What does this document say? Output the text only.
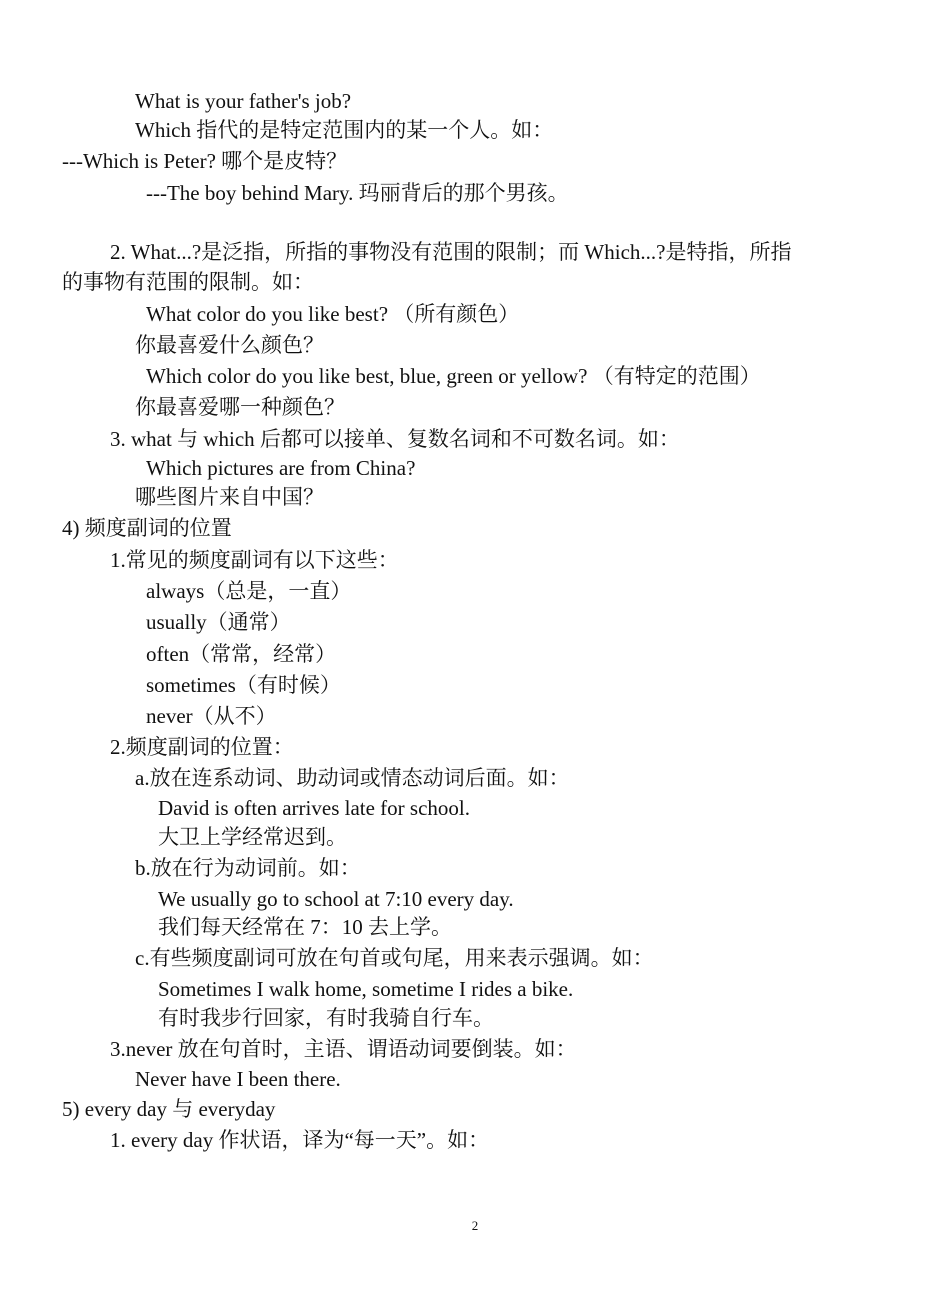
What is your father's job?
Which 指代的是特定范围内的某一个人。如：
---Which is Peter? 哪个是皮特？
---The boy behind Mary. 玛丽背后的那个男孩。
2. What...?是泛指，所指的事物没有范围的限制；而 Which...?是特指，所指
的事物有范围的限制。如：
What color do you like best? （所有颜色）
你最喜爱什么颜色？
Which color do you like best, blue, green or yellow? （有特定的范围）
你最喜爱哪一种颜色？
3. what 与 which 后都可以接单、复数名词和不可数名词。如：
Which pictures are from China?
哪些图片来自中国？
4) 频度副词的位置
1.常见的频度副词有以下这些：
always（总是，一直）
usually（通常）
often（常常，经常）
sometimes（有时候）
never（从不）
2.频度副词的位置：
a.放在连系动词、助动词或情态动词后面。如：
David is often arrives late for school.
大卫上学经常迟到。
b.放在行为动词前。如：
We usually go to school at 7:10 every day.
我们每天经常在 7：10 去上学。
c.有些频度副词可放在句首或句尾，用来表示强调。如：
Sometimes I walk home, sometime I rides a bike.
有时我步行回家，有时我骑自行车。
3.never 放在句首时，主语、谓语动词要倒装。如：
Never have I been there.
5) every day 与 everyday
1. every day 作状语，译为“每一天”。如：
2
